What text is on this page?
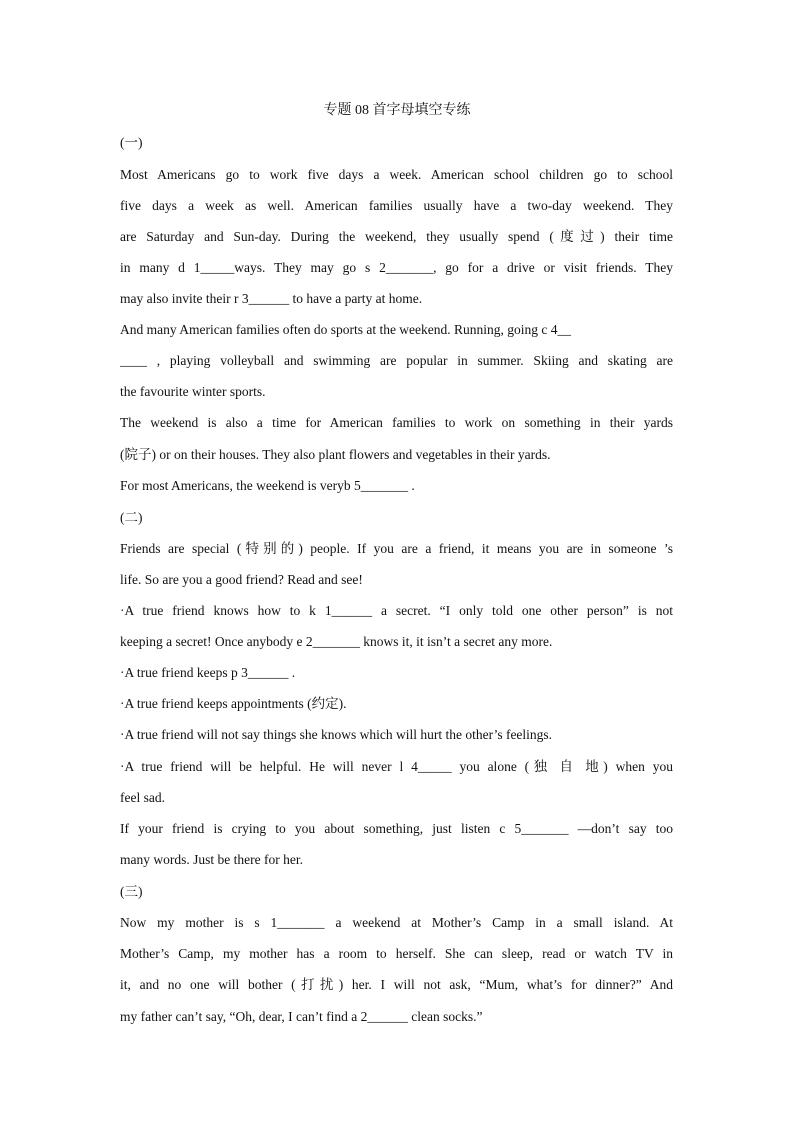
专题 08 首字母填空专练
(一)
Most Americans go to work five days a week. American school children go to school
five days a week as well. American families usually have a two-day weekend. They
are Saturday and Sun-day. During the weekend, they usually spend (度过) their time
in many d 1_____ways. They may go s 2_______, go for a drive or visit friends. They
may also invite their r 3______ to have a party at home.
And many American families often do sports at the weekend. Running, going c 4__
____ , playing volleyball and swimming are popular in summer. Skiing and skating are
the favourite winter sports.
The weekend is also a time for American families to work on something in their yards
(院子) or on their houses. They also plant flowers and vegetables in their yards.
For most Americans, the weekend is veryb 5_______ .
(二)
Friends are special (特别的) people. If you are a friend, it means you are in someone ’s
life. So are you a good friend? Read and see!
·A true friend knows how to k 1______ a secret. “I only told one other person” is not
keeping a secret! Once anybody e 2_______ knows it, it isn’t a secret any more.
·A true friend keeps p 3______ .
·A true friend keeps appointments (约定).
·A true friend will not say things she knows which will hurt the other’s feelings.
·A true friend will be helpful. He will never l 4_____ you alone (独 自 地) when you
feel sad.
If your friend is crying to you about something, just listen c 5_______ —don’t say too
many words. Just be there for her.
(三)
Now my mother is s 1_______ a weekend at Mother’s Camp in a small island. At
Mother’s Camp, my mother has a room to herself. She can sleep, read or watch TV in
it, and no one will bother (打扰) her. I will not ask, “Mum, what’s for dinner?” And
my father can’t say, “Oh, dear, I can’t find a 2______ clean socks.”
